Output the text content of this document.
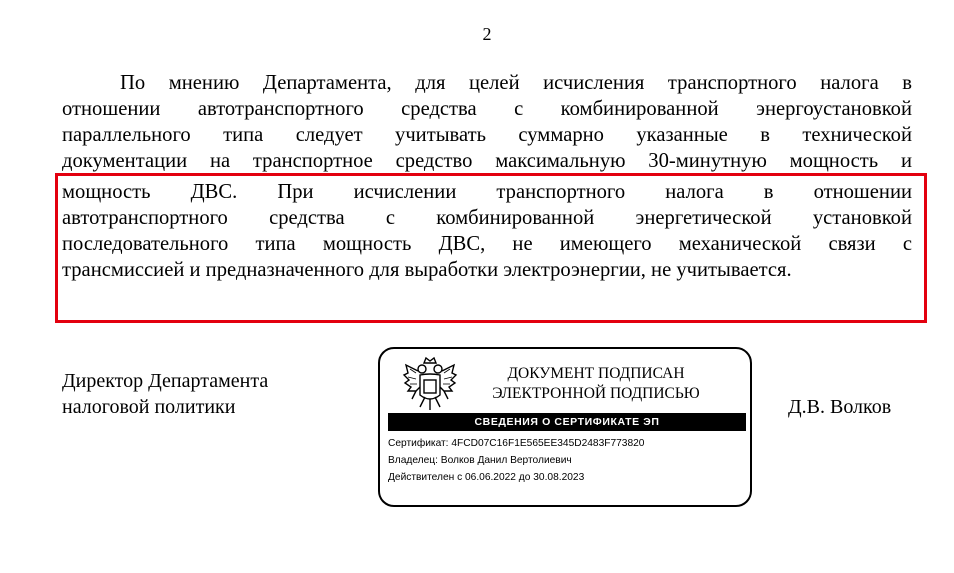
2
По мнению Департамента, для целей исчисления транспортного налога в
отношении автотранспортного средства с комбинированной энергоустановкой
параллельного типа следует учитывать суммарно указанные в технической
документации на транспортное средство максимальную 30-минутную мощность и
мощность ДВС. При исчислении транспортного налога в отношении
автотранспортного средства с комбинированной энергетической установкой
последовательного типа мощность ДВС, не имеющего механической связи с
трансмиссией и предназначенного для выработки электроэнергии, не учитывается.
Директор Департамента
налоговой политики
ДОКУМЕНТ ПОДПИСАН
ЭЛЕКТРОННОЙ ПОДПИСЬЮ
СВЕДЕНИЯ О СЕРТИФИКАТЕ ЭП
Сертификат: 4FCD07C16F1E565EE345D2483F773820
Владелец: Волков Данил Вертолиевич
Действителен с 06.06.2022 до 30.08.2023
Д.В. Волков
